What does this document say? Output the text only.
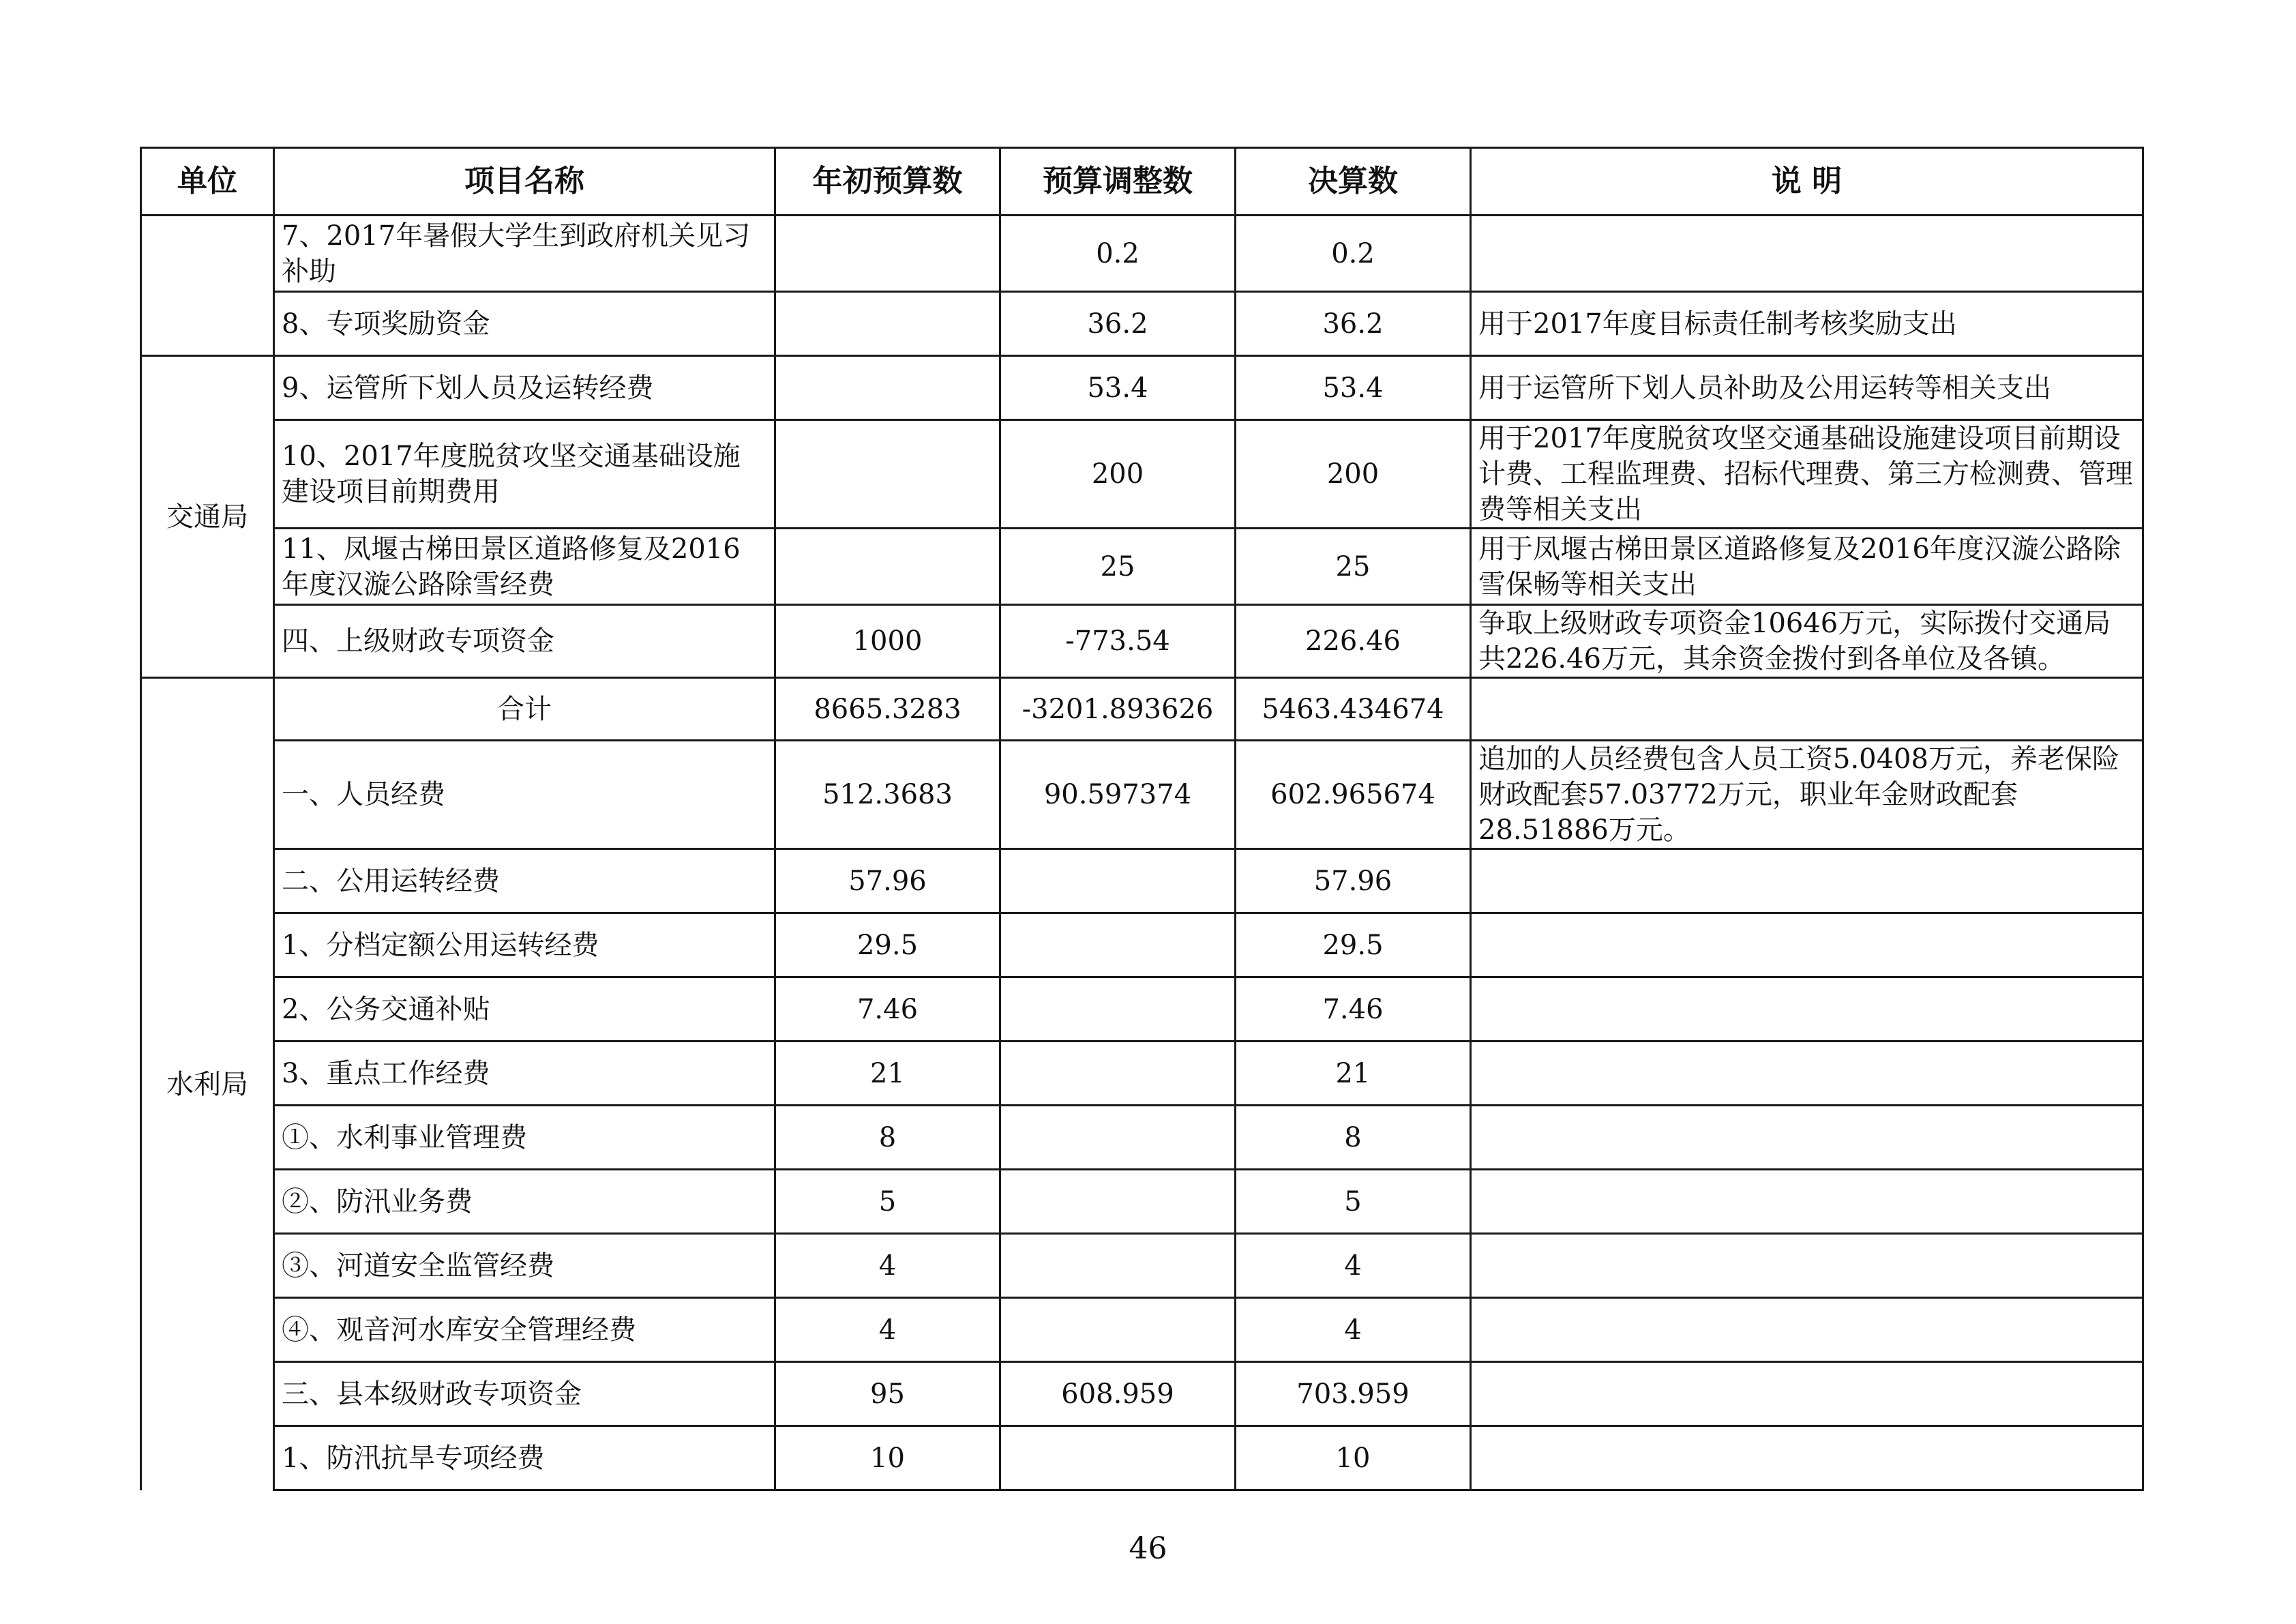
单位	项目名称	年初预算数	预算调整数	决算数	说 明
	7、2017年暑假大学生到政府机关见习补助		0.2	0.2	
	8、专项奖励资金		36.2	36.2	用于2017年度目标责任制考核奖励支出
交通局	9、运管所下划人员及运转经费		53.4	53.4	用于运管所下划人员补助及公用运转等相关支出
	10、2017年度脱贫攻坚交通基础设施建设项目前期费用		200	200	用于2017年度脱贫攻坚交通基础设施建设项目前期设计费、工程监理费、招标代理费、第三方检测费、管理费等相关支出
	11、凤堰古梯田景区道路修复及2016年度汉漩公路除雪经费		25	25	用于凤堰古梯田景区道路修复及2016年度汉漩公路除雪保畅等相关支出
	四、上级财政专项资金	1000	-773.54	226.46	争取上级财政专项资金10646万元，实际拨付交通局共226.46万元，其余资金拨付到各单位及各镇。
水利局	合计	8665.3283	-3201.893626	5463.434674	
	一、人员经费	512.3683	90.597374	602.965674	追加的人员经费包含人员工资5.0408万元，养老保险财政配套57.03772万元，职业年金财政配套28.51886万元。
	二、公用运转经费	57.96		57.96	
	1、分档定额公用运转经费	29.5		29.5	
	2、公务交通补贴	7.46		7.46	
	3、重点工作经费	21		21	
	①、水利事业管理费	8		8	
	②、防汛业务费	5		5	
	③、河道安全监管经费	4		4	
	④、观音河水库安全管理经费	4		4	
	三、县本级财政专项资金	95	608.959	703.959	
	1、防汛抗旱专项经费	10		10	
46
